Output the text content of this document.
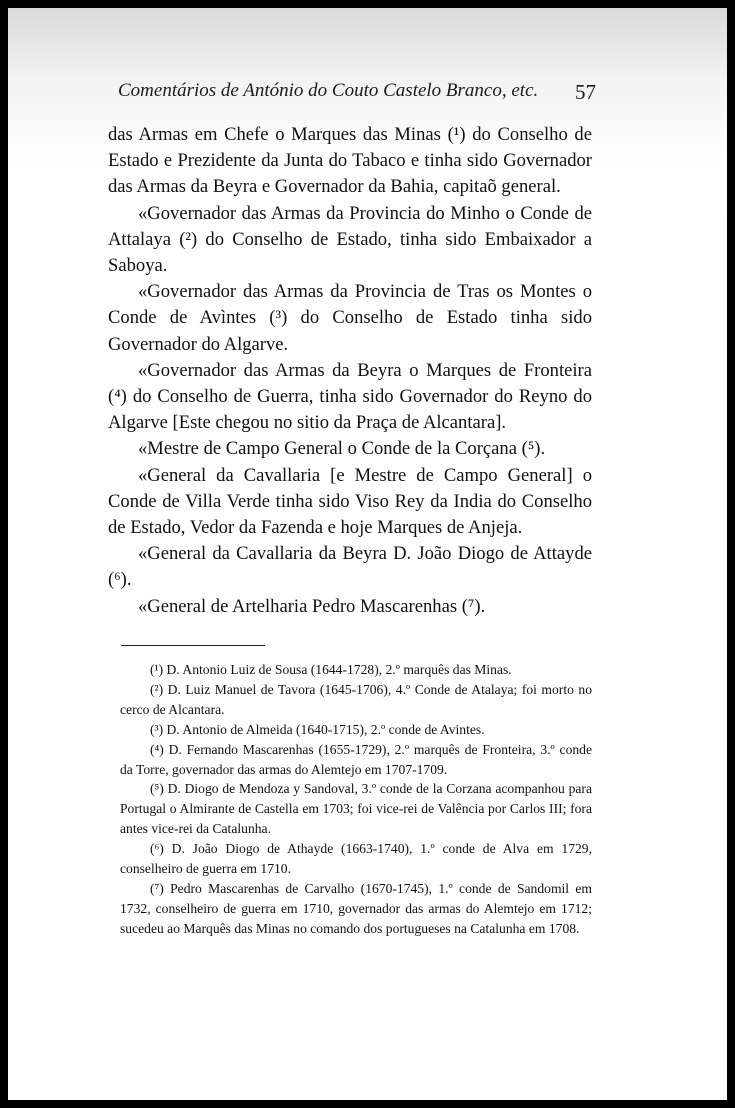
Comentários de António do Couto Castelo Branco, etc. 57

das Armas em Chefe o Marques das Minas (¹) do Conselho de Estado e Prezidente da Junta do Tabaco e tinha sido Governador das Armas da Beyra e Governador da Bahia, capitaõ general.

«Governador das Armas da Provincia do Minho o Conde de Attalaya (²) do Conselho de Estado, tinha sido Embaixador a Saboya.

«Governador das Armas da Provincia de Tras os Montes o Conde de Avìntes (³) do Conselho de Estado tinha sido Governador do Algarve.

«Governador das Armas da Beyra o Marques de Fronteira (⁴) do Conselho de Guerra, tinha sido Governador do Reyno do Algarve [Este chegou no sitio da Praça de Alcantara].

«Mestre de Campo General o Conde de la Corçana (⁵).

«General da Cavallaria [e Mestre de Campo General] o Conde de Villa Verde tinha sido Viso Rey da India do Conselho de Estado, Vedor da Fazenda e hoje Marques de Anjeja.

«General da Cavallaria da Beyra D. João Diogo de Attayde (⁶).

«General de Artelharia Pedro Mascarenhas (⁷).

(¹) D. Antonio Luiz de Sousa (1644-1728), 2.º marquês das Minas.

(²) D. Luiz Manuel de Tavora (1645-1706), 4.º Conde de Atalaya; foi morto no cerco de Alcantara.

(³) D. Antonio de Almeida (1640-1715), 2.º conde de Avintes.

(⁴) D. Fernando Mascarenhas (1655-1729), 2.º marquês de Fronteira, 3.º conde da Torre, governador das armas do Alemtejo em 1707-1709.

(⁵) D. Diogo de Mendoza y Sandoval, 3.º conde de la Corzana acompanhou para Portugal o Almirante de Castella em 1703; foi vice-rei de Valência por Carlos III; fora antes vice-rei da Catalunha.

(⁶) D. João Diogo de Athayde (1663-1740), 1.º conde de Alva em 1729, conselheiro de guerra em 1710.

(⁷) Pedro Mascarenhas de Carvalho (1670-1745), 1.º conde de Sandomil em 1732, conselheiro de guerra em 1710, governador das armas do Alemtejo em 1712; sucedeu ao Marquês das Minas no comando dos portugueses na Catalunha em 1708.
